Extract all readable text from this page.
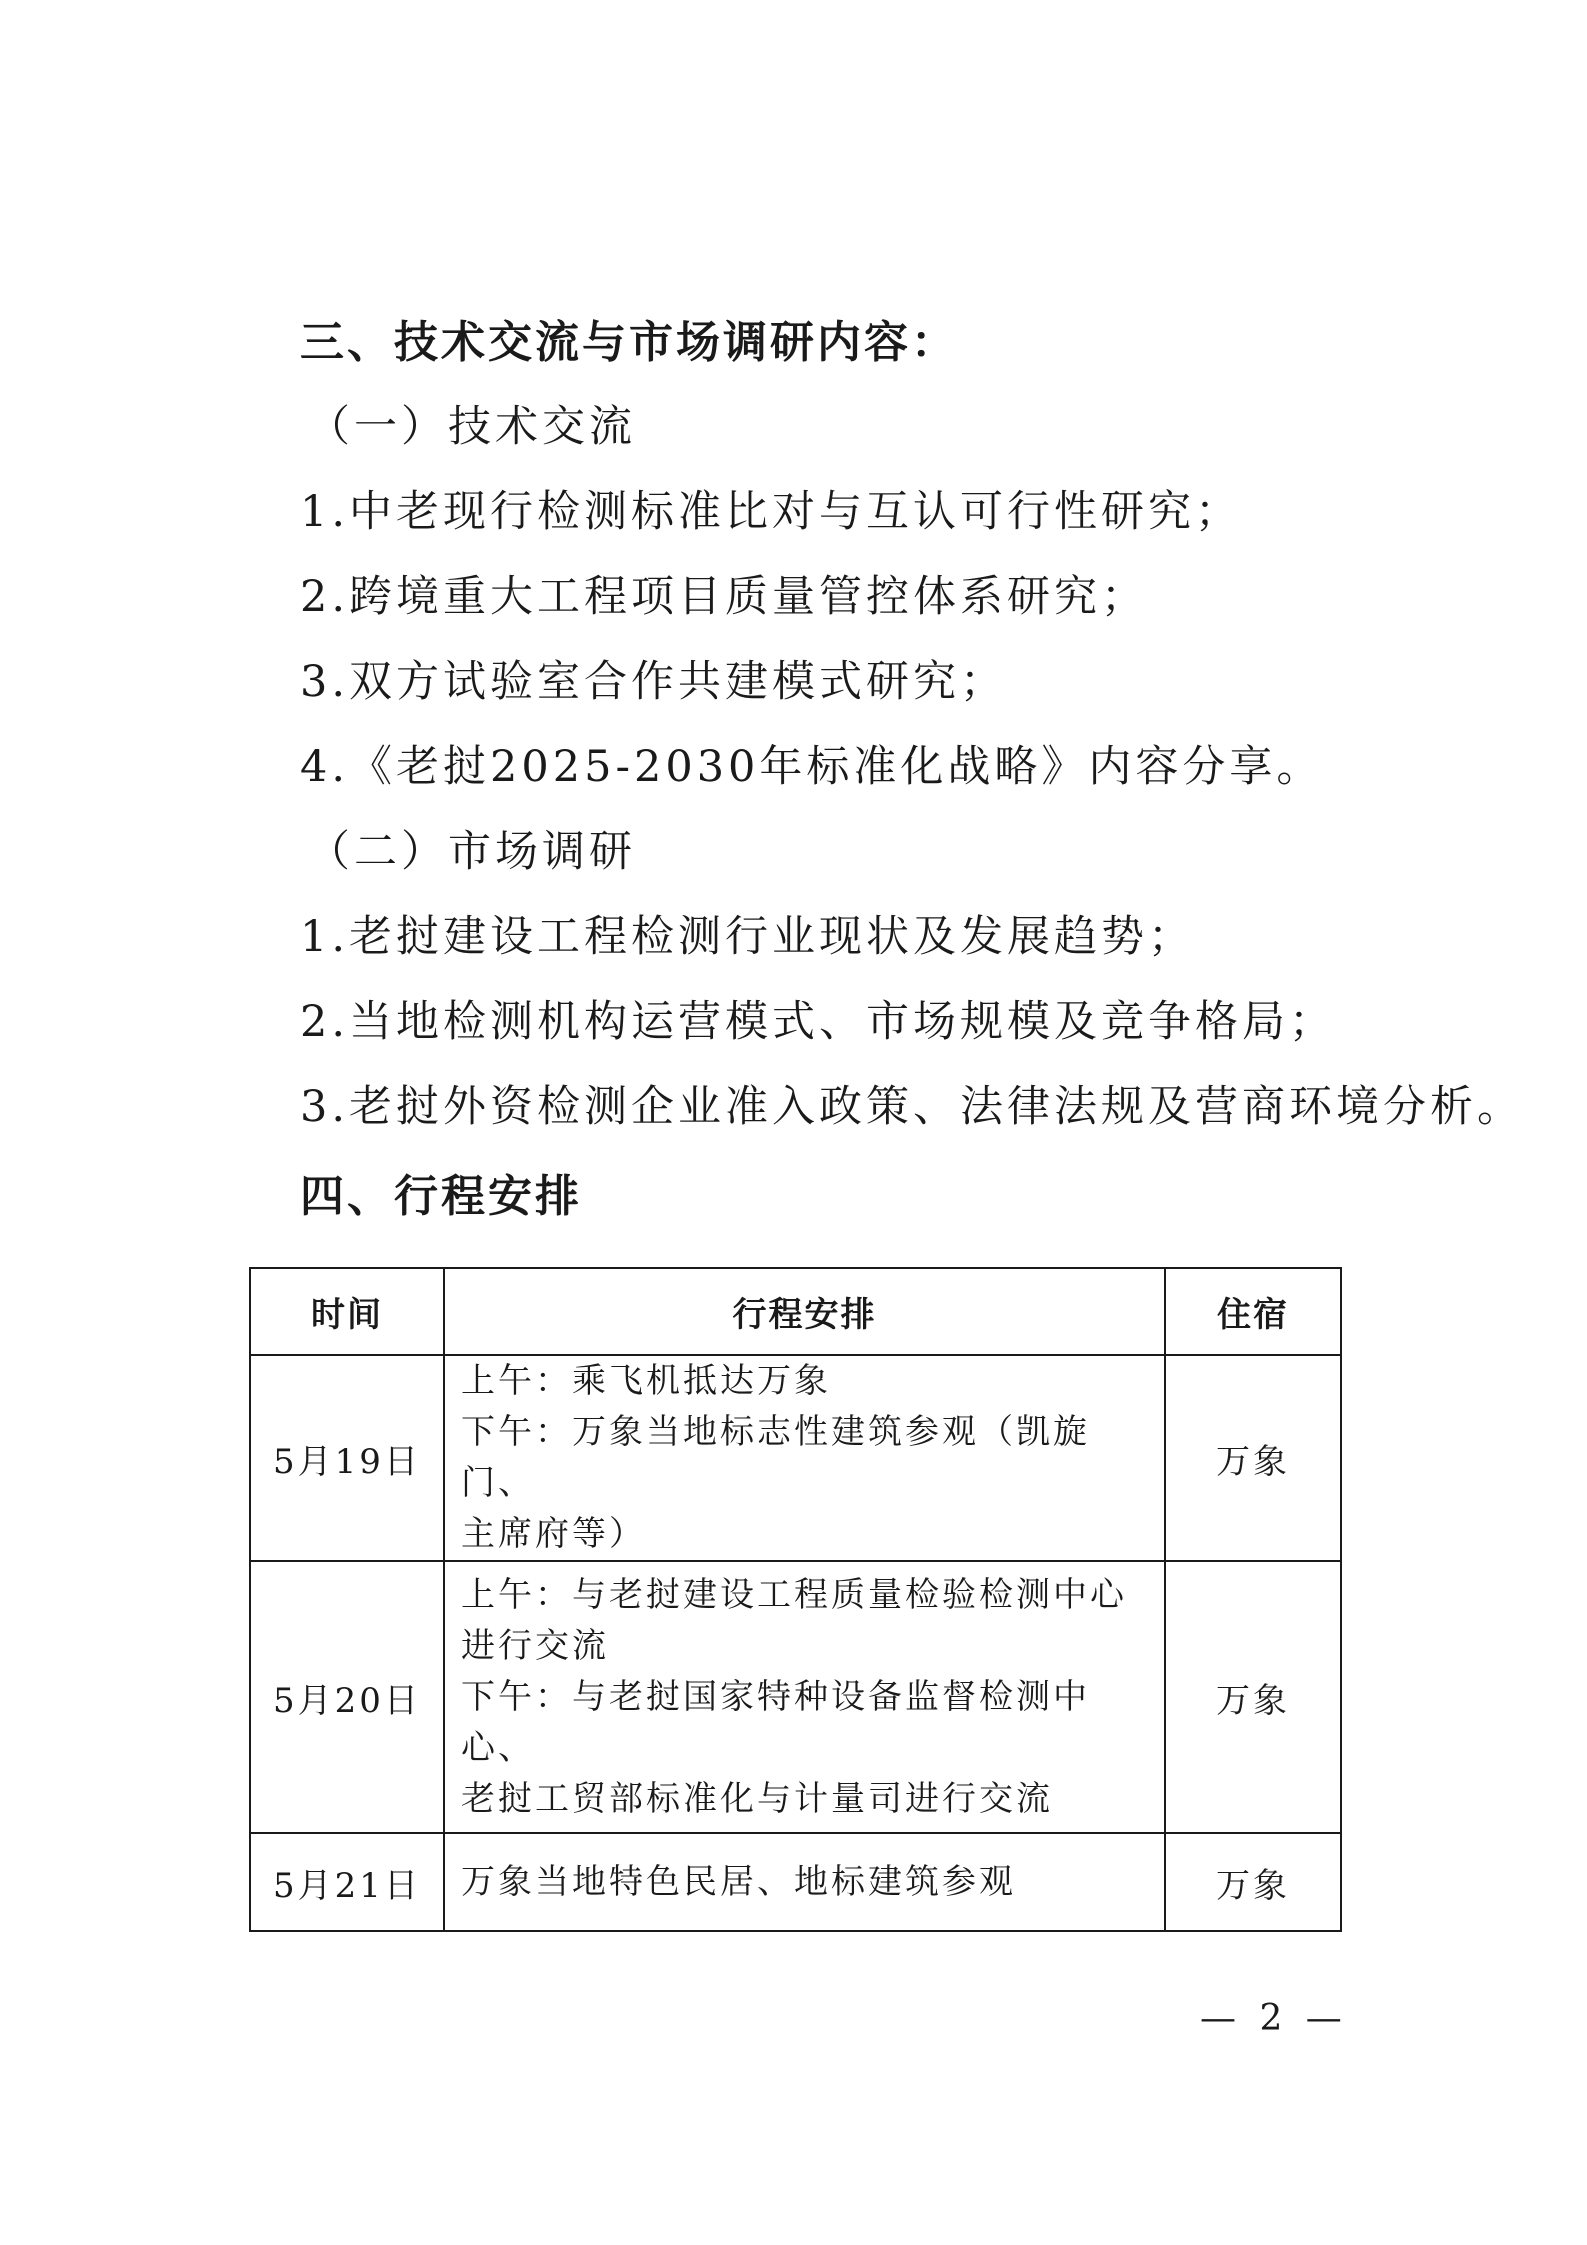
三、技术交流与市场调研内容：
（一）技术交流
1.中老现行检测标准比对与互认可行性研究；
2.跨境重大工程项目质量管控体系研究；
3.双方试验室合作共建模式研究；
4.《老挝2025-2030年标准化战略》内容分享。
（二）市场调研
1.老挝建设工程检测行业现状及发展趋势；
2.当地检测机构运营模式、市场规模及竞争格局；
3.老挝外资检测企业准入政策、法律法规及营商环境分析。
四、行程安排
时间	行程安排	住宿
5月19日	上午：乘飞机抵达万象
下午：万象当地标志性建筑参观（凯旋门、
主席府等）	万象
5月20日	上午：与老挝建设工程质量检验检测中心
进行交流
下午：与老挝国家特种设备监督检测中心、
老挝工贸部标准化与计量司进行交流	万象
5月21日	万象当地特色民居、地标建筑参观	万象
— 2 —
